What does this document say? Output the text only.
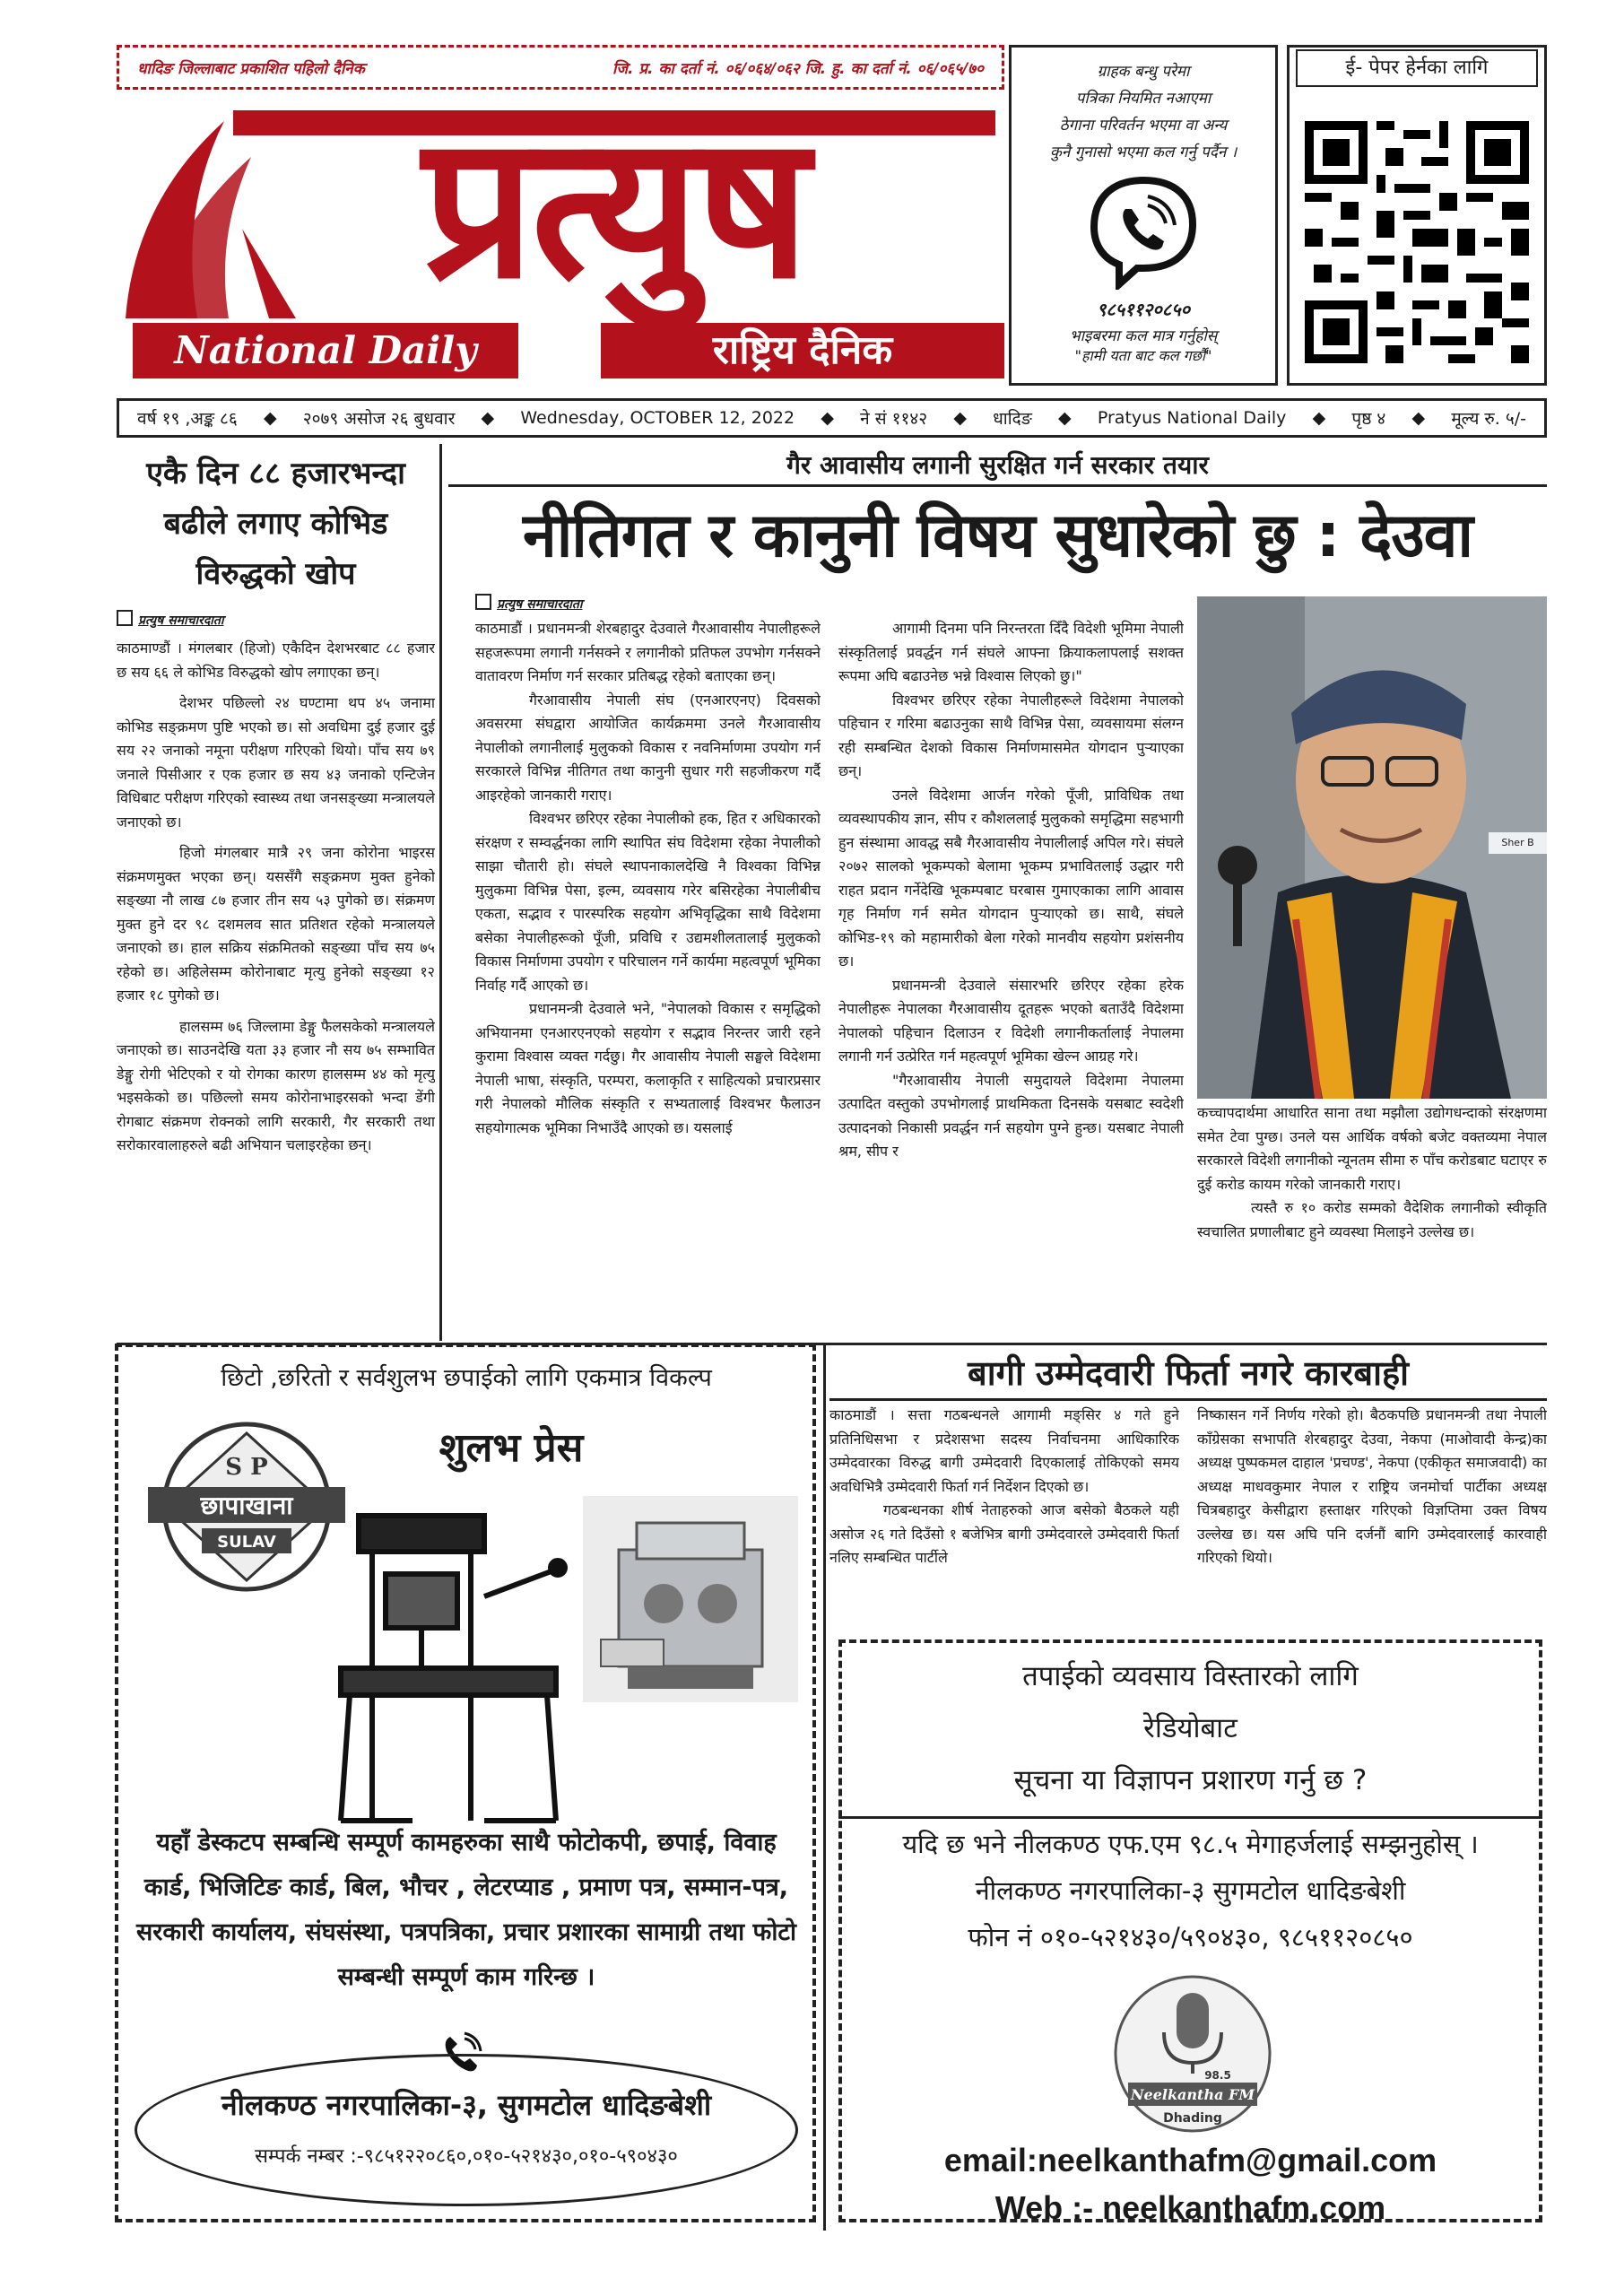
धादिङ जिल्लाबाट प्रकाशित पहिलो दैनिक	जि. प्र. का दर्ता नं. ०६/०६४/०६२ जि. हु. का दर्ता नं. ०६/०६५/७०
प्रत्युष
National Daily	राष्ट्रिय दैनिक
ग्राहक बन्धु परेमा
पत्रिका नियमित नआएमा
ठेगाना परिवर्तन भएमा वा अन्य
कुनै गुनासो भएमा कल गर्नु पर्दैन ।
९८५११२०८५०
भाइबरमा कल मात्र गर्नुहोस्
"हामी यता बाट कल गर्छौं"
ई- पेपर हेर्नका लागि
वर्ष १९ ,अङ्क ८६ ◆ २०७९ असोज २६ बुधवार ◆ Wednesday, OCTOBER 12, 2022 ◆ ने सं ११४२ ◆ धादिङ ◆ Pratyus National Daily ◆ पृष्ठ ४ ◆ मूल्य रु. ५/-
एकै दिन ८८ हजारभन्दा
बढीले लगाए कोभिड
विरुद्धको खोप
प्रत्युष समाचारदाता

काठमाण्डौं । मंगलबार (हिजो) एकैदिन देशभरबाट ८८ हजार छ सय ६६ ले कोभिड विरुद्धको खोप लगाएका छन्।

देशभर पछिल्लो २४ घण्टामा थप ४५ जनामा कोभिड सङ्क्रमण पुष्टि भएको छ। सो अवधिमा दुई हजार दुई सय २२ जनाको नमूना परीक्षण गरिएको थियो। पाँच सय ७९ जनाले पिसीआर र एक हजार छ सय ४३ जनाको एन्टिजेन विधिबाट परीक्षण गरिएको स्वास्थ्य तथा जनसङ्ख्या मन्त्रालयले जनाएको छ।

हिजो मंगलबार मात्रै २९ जना कोरोना भाइरस संक्रमणमुक्त भएका छन्। यससँगै सङ्क्रमण मुक्त हुनेको सङ्ख्या नौ लाख ८७ हजार तीन सय ५३ पुगेको छ। संक्रमण मुक्त हुने दर ९८ दशमलव सात प्रतिशत रहेको मन्त्रालयले जनाएको छ। हाल सक्रिय संक्रमितको सङ्ख्या पाँच सय ७५ रहेको छ। अहिलेसम्म कोरोनाबाट मृत्यु हुनेको सङ्ख्या १२ हजार १८ पुगेको छ।

हालसम्म ७६ जिल्लामा डेङ्गु फैलसकेको मन्त्रालयले जनाएको छ। साउनदेखि यता ३३ हजार नौ सय ७५ सम्भावित डेङ्गु रोगी भेटिएको र यो रोगका कारण हालसम्म ४४ को मृत्यु भइसकेको छ। पछिल्लो समय कोरोनाभाइरसको भन्दा डेंगी रोगबाट संक्रमण रोक्नको लागि सरकारी, गैर सरकारी तथा सरोकारवालाहरुले बढी अभियान चलाइरहेका छन्।

गैर आवासीय लगानी सुरक्षित गर्न सरकार तयार
नीतिगत र कानुनी विषय सुधारेको छु : देउवा
प्रत्युष समाचारदाता

काठमाडौं । प्रधानमन्त्री शेरबहादुर देउवाले गैरआवासीय नेपालीहरूले सहजरूपमा लगानी गर्नसक्ने र लगानीको प्रतिफल उपभोग गर्नसक्ने वातावरण निर्माण गर्न सरकार प्रतिबद्ध रहेको बताएका छन्।

गैरआवासीय नेपाली संघ (एनआरएनए) दिवसको अवसरमा संघद्वारा आयोजित कार्यक्रममा उनले गैरआवासीय नेपालीको लगानीलाई मुलुकको विकास र नवनिर्माणमा उपयोग गर्न सरकारले विभिन्न नीतिगत तथा कानुनी सुधार गरी सहजीकरण गर्दै आइरहेको जानकारी गराए।

विश्वभर छरिएर रहेका नेपालीको हक, हित र अधिकारको संरक्षण र सम्वर्द्धनका लागि स्थापित संघ विदेशमा रहेका नेपालीको साझा चौतारी हो। संघले स्थापनाकालदेखि नै विश्वका विभिन्न मुलुकमा विभिन्न पेसा, इल्म, व्यवसाय गरेर बसिरहेका नेपालीबीच एकता, सद्भाव र पारस्परिक सहयोग अभिवृद्धिका साथै विदेशमा बसेका नेपालीहरूको पूँजी, प्रविधि र उद्यमशीलतालाई मुलुकको विकास निर्माणमा उपयोग र परिचालन गर्ने कार्यमा महत्वपूर्ण भूमिका निर्वाह गर्दै आएको छ।

प्रधानमन्त्री देउवाले भने, "नेपालको विकास र समृद्धिको अभियानमा एनआरएनएको सहयोग र सद्भाव निरन्तर जारी रहने कुरामा विश्वास व्यक्त गर्दछु। गैर आवासीय नेपाली सङ्घले विदेशमा नेपाली भाषा, संस्कृति, परम्परा, कलाकृति र साहित्यको प्रचारप्रसार गरी नेपालको मौलिक संस्कृति र सभ्यतालाई विश्वभर फैलाउन सहयोगात्मक भूमिका निभाउँदै आएको छ। यसलाई

आगामी दिनमा पनि निरन्तरता दिँदै विदेशी भूमिमा नेपाली संस्कृतिलाई प्रवर्द्धन गर्न संघले आफ्ना क्रियाकलापलाई सशक्त रूपमा अघि बढाउनेछ भन्ने विश्वास लिएको छु।"

विश्वभर छरिएर रहेका नेपालीहरूले विदेशमा नेपालको पहिचान र गरिमा बढाउनुका साथै विभिन्न पेसा, व्यवसायमा संलग्न रही सम्बन्धित देशको विकास निर्माणमासमेत योगदान पुऱ्याएका छन्।

उनले विदेशमा आर्जन गरेको पूँजी, प्राविधिक तथा व्यवस्थापकीय ज्ञान, सीप र कौशललाई मुलुकको समृद्धिमा सहभागी हुन संस्थामा आवद्ध सबै गैरआवासीय नेपालीलाई अपिल गरे। संघले २०७२ सालको भूकम्पको बेलामा भूकम्प प्रभावितलाई उद्धार गरी राहत प्रदान गर्नेदेखि भूकम्पबाट घरबास गुमाएकाका लागि आवास गृह निर्माण गर्न समेत योगदान पुऱ्याएको छ। साथै, संघले कोभिड-१९ को महामारीको बेला गरेको मानवीय सहयोग प्रशंसनीय छ।

प्रधानमन्त्री देउवाले संसारभरि छरिएर रहेका हरेक नेपालीहरू नेपालका गैरआवासीय दूतहरू भएको बताउँदै विदेशमा नेपालको पहिचान दिलाउन र विदेशी लगानीकर्तालाई नेपालमा लगानी गर्न उत्प्रेरित गर्न महत्वपूर्ण भूमिका खेल्न आग्रह गरे।

"गैरआवासीय नेपाली समुदायले विदेशमा नेपालमा उत्पादित वस्तुको उपभोगलाई प्राथमिकता दिनसके यसबाट स्वदेशी उत्पादनको निकासी प्रवर्द्धन गर्न सहयोग पुग्ने हुन्छ। यसबाट नेपाली श्रम, सीप र

Sher B

कच्चापदार्थमा आधारित साना तथा मझौला उद्योगधन्दाको संरक्षणमा समेत टेवा पुग्छ। उनले यस आर्थिक वर्षको बजेट वक्तव्यमा नेपाल सरकारले विदेशी लगानीको न्यूनतम सीमा रु पाँच करोडबाट घटाएर रु दुई करोड कायम गरेको जानकारी गराए।

त्यस्तै रु १० करोड सम्मको वैदेशिक लगानीको स्वीकृति स्वचालित प्रणालीबाट हुने व्यवस्था मिलाइने उल्लेख छ।

छिटो ,छरितो र सर्वशुलभ छपाईको लागि एकमात्र विकल्प
शुलभ प्रेस
S P
छापाखाना
SULAV
यहाँ डेस्कटप सम्बन्धि सम्पूर्ण कामहरुका साथै फोटोकपी, छपाई, विवाह कार्ड, भिजिटिङ कार्ड, बिल, भौचर , लेटरप्याड , प्रमाण पत्र, सम्मान-पत्र, सरकारी कार्यालय, संघसंस्था, पत्रपत्रिका, प्रचार प्रशारका सामाग्री तथा फोटो सम्बन्धी सम्पूर्ण काम गरिन्छ ।
नीलकण्ठ नगरपालिका-३, सुगमटोल धादिङबेशी
सम्पर्क नम्बर :-९८५१२२०८६०,०१०-५२१४३०,०१०-५९०४३०
बागी उम्मेदवारी फिर्ता नगरे कारबाही

काठमाडौं । सत्ता गठबन्धनले आगामी मङ्सिर ४ गते हुने प्रतिनिधिसभा र प्रदेशसभा सदस्य निर्वाचनमा आधिकारिक उम्मेदवारका विरुद्ध बागी उम्मेदवारी दिएकालाई तोकिएको समय अवधिभित्रै उम्मेदवारी फिर्ता गर्न निर्देशन दिएको छ।

गठबन्धनका शीर्ष नेताहरुको आज बसेको बैठकले यही असोज २६ गते दिउँसो १ बजेभित्र बागी उम्मेदवारले उम्मेदवारी फिर्ता नलिए सम्बन्धित पार्टीले

निष्कासन गर्ने निर्णय गरेको हो। बैठकपछि प्रधानमन्त्री तथा नेपाली काँग्रेसका सभापति शेरबहादुर देउवा, नेकपा (माओवादी केन्द्र)का अध्यक्ष पुष्पकमल दाहाल 'प्रचण्ड', नेकपा (एकीकृत समाजवादी) का अध्यक्ष माधवकुमार नेपाल र राष्ट्रिय जनमोर्चा पार्टीका अध्यक्ष चित्रबहादुर केसीद्वारा हस्ताक्षर गरिएको विज्ञप्तिमा उक्त विषय उल्लेख छ। यस अघि पनि दर्जनौं बागि उम्मेदवारलाई कारवाही गरिएको थियो।

तपाईको व्यवसाय विस्तारको लागि
रेडियोबाट
सूचना या विज्ञापन प्रशारण गर्नु छ ?
यदि छ भने नीलकण्ठ एफ.एम ९८.५ मेगाहर्जलाई सम्झनुहोस् ।
नीलकण्ठ नगरपालिका-३ सुगमटोल धादिङबेशी
फोन नं ०१०-५२१४३०/५९०४३०, ९८५११२०८५०
98.5
Neelkantha FM
Dhading
email:neelkanthafm@gmail.com
Web :- neelkanthafm.com
